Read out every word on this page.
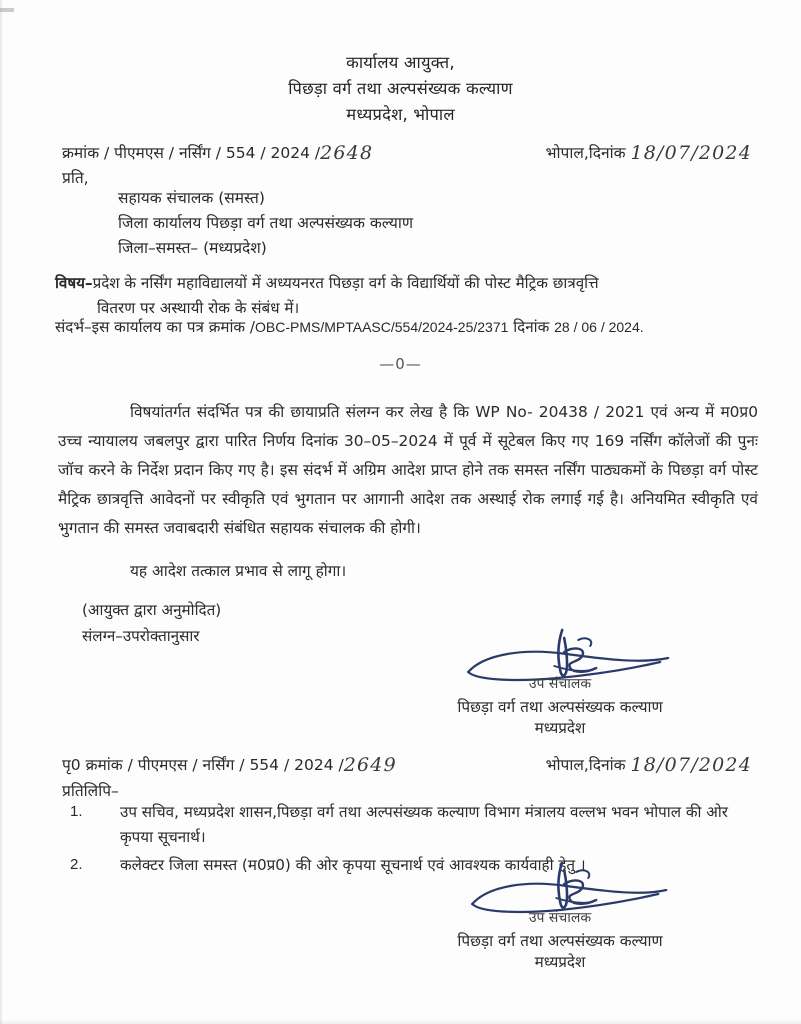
कार्यालय आयुक्त,
पिछड़ा वर्ग तथा अल्पसंख्यक कल्याण
मध्यप्रदेश, भोपाल
क्रमांक / पीएमएस / नर्सिंग / 554 / 2024 /2648	भोपाल,दिनांक 18/07/2024
प्रति,
सहायक संचालक (समस्त)
जिला कार्यालय पिछड़ा वर्ग तथा अल्पसंख्यक कल्याण
जिला–समस्त– (मध्यप्रदेश)
विषय–प्रदेश के नर्सिंग महाविद्यालयों में अध्ययनरत पिछड़ा वर्ग के विद्यार्थियों की पोस्ट मैट्रिक छात्रवृत्ति
वितरण पर अस्थायी रोक के संबंध में।
संदर्भ–इस कार्यालय का पत्र क्रमांक /OBC-PMS/MPTAASC/554/2024-25/2371 दिनांक 28 / 06 / 2024.
—0—

विषयांतर्गत संदर्भित पत्र की छायाप्रति संलग्न कर लेख है कि WP No- 20438 / 2021 एवं अन्य में म0प्र0 उच्च न्यायालय जबलपुर द्वारा पारित निर्णय दिनांक 30–05–2024 में पूर्व में सूटेबल किए गए 169 नर्सिंग कॉलेजों की पुनः जॉच करने के निर्देश प्रदान किए गए है। इस संदर्भ में अग्रिम आदेश प्राप्त होने तक समस्त नर्सिंग पाठ्यकमों के पिछड़ा वर्ग पोस्ट मैट्रिक छात्रवृत्ति आवेदनों पर स्वीकृति एवं भुगतान पर आगानी आदेश तक अस्थाई रोक लगाई गई है। अनियमित स्वीकृति एवं भुगतान की समस्त जवाबदारी संबंधित सहायक संचालक की होगी।

यह आदेश तत्काल प्रभाव से लागू होगा।

(आयुक्त द्वारा अनुमोदित)
संलग्न–उपरोक्तानुसार
उप संचालक
पिछड़ा वर्ग तथा अल्पसंख्यक कल्याण
मध्यप्रदेश
पृ0 क्रमांक / पीएमएस / नर्सिंग / 554 / 2024 /2649	भोपाल,दिनांक 18/07/2024
प्रतिलिपि–
1.	उप सचिव, मध्यप्रदेश शासन,पिछड़ा वर्ग तथा अल्पसंख्यक कल्याण विभाग मंत्रालय वल्लभ भवन भोपाल की ओर कृपया सूचनार्थ।
2.	कलेक्टर जिला समस्त (म0प्र0) की ओर कृपया सूचनार्थ एवं आवश्यक कार्यवाही हेतु ।
उप संचालक
पिछड़ा वर्ग तथा अल्पसंख्यक कल्याण
मध्यप्रदेश
